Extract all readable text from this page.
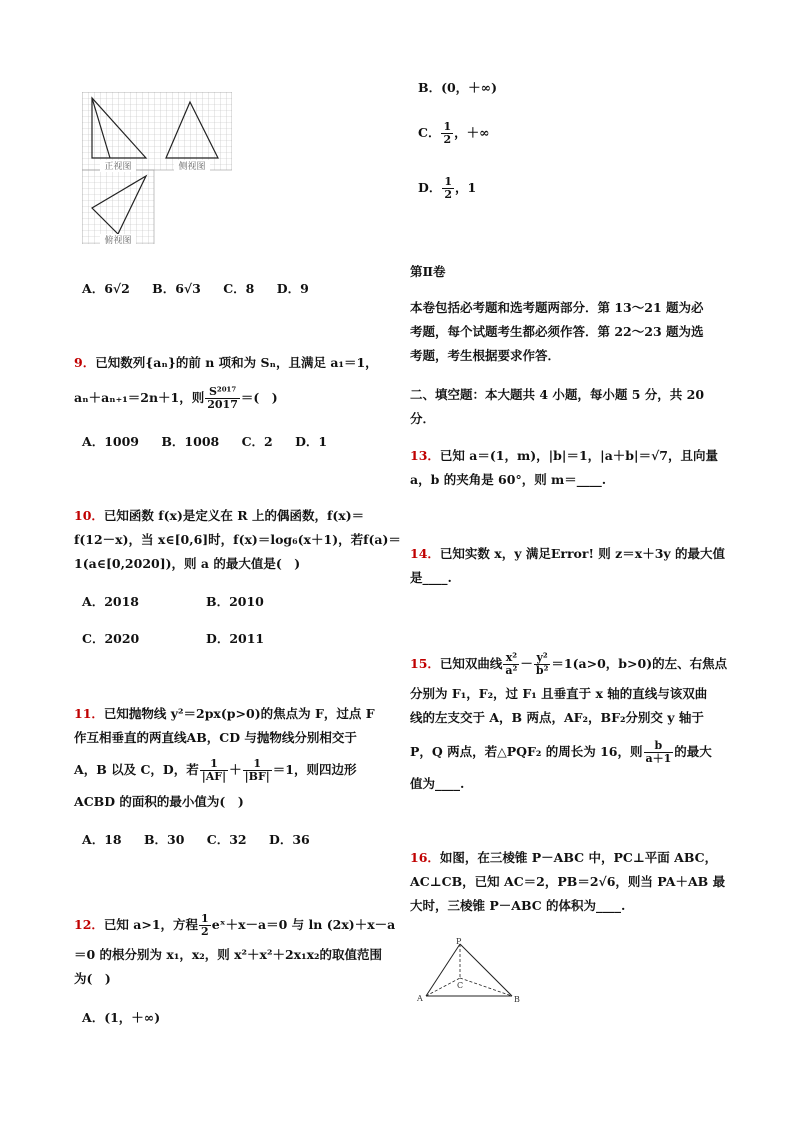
正视图	侧视图
俯视图
A．6√2 B．6√3 C．8 D．9
9．已知数列{aₙ}的前 n 项和为 Sₙ，且满足 a₁＝1，
aₙ＋aₙ₊₁＝2n＋1，则 $\frac{\text{S²⁰¹⁷}}{2017}$ ＝(　)
A．1009 B．1008 C．2 D．1
10．已知函数 f(x)是定义在 R 上的偶函数，f(x)＝
f(12－x)，当 x∈[0,6]时，f(x)＝log₆(x＋1)，若f(a)＝
1(a∈[0,2020])，则 a 的最大值是(　)
A．2018	B．2010
C．2020	D．2011
11．已知抛物线 y²＝2px(p>0)的焦点为 F，过点 F
作互相垂直的两直线AB，CD 与抛物线分别相交于
A，B 以及 C，D，若 $\frac{1}{|AF|} + \frac{1}{|BF|} =1$，则四边形
ACBD 的面积的最小值为(　)
A．18 B．30 C．32 D．36
12．已知 a>1，方程 $\frac{1}{2}$ eˣ＋x－a＝0 与 ln (2x)＋x－a
＝0 的根分别为 x₁，x₂，则 x²＋x²＋2x₁x₂的取值范围
为(　)
A．(1，＋∞)
B．(0，＋∞)
C． $\frac{1}{2}$ ，＋∞
D． $\frac{1}{2}$ ，1
第Ⅱ卷
本卷包括必考题和选考题两部分．第 13～21 题为必
考题，每个试题考生都必须作答．第 22～23 题为选
考题，考生根据要求作答．
二、填空题：本大题共 4 小题，每小题 5 分，共 20
分．
13．已知 a＝(1，m)，|b|＝1，|a＋b|＝√7，且向量
a，b 的夹角是 60°，则 m＝____.
14．已知实数 x，y 满足Error! 则 z＝x＋3y 的最大值
是____.
15．已知双曲线 $\frac{\text{x²}}{\text{a²}} - \frac{\text{y²}}{\text{b²}} =1(a>0$，b>0)的左、右焦点
分别为 F₁，F₂，过 F₁ 且垂直于 x 轴的直线与该双曲
线的左支交于 A，B 两点，AF₂，BF₂分别交 y 轴于
P，Q 两点，若△PQF₂ 的周长为 16，则 $\frac{b}{a+1}$ 的最大
值为____.
16．如图，在三棱锥 P－ABC 中，PC⊥平面 ABC，
AC⊥CB，已知 AC＝2，PB＝2√6，则当 PA＋AB 最
大时，三棱锥 P－ABC 的体积为____.
P
A	B
C
